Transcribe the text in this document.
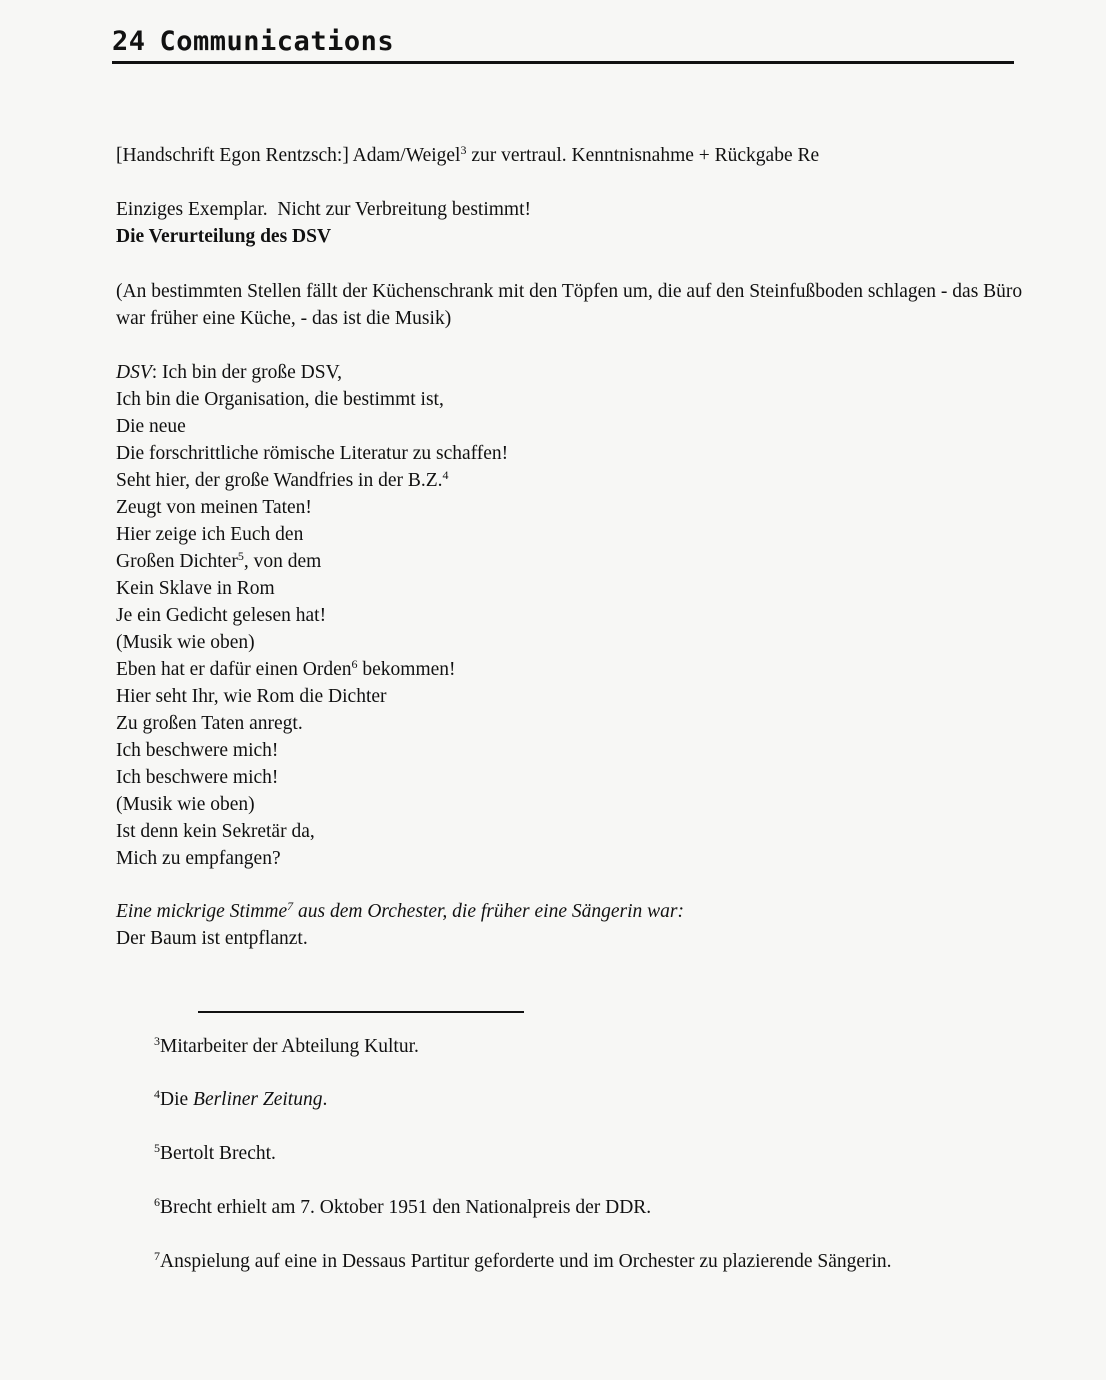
24 Communications
[Handschrift Egon Rentzsch:] Adam/Weigel$^3$ zur vertraul. Kenntnisnahme + Rückgabe Re
Einziges Exemplar.  Nicht zur Verbreitung bestimmt!
Die Verurteilung des DSV
(An bestimmten Stellen fällt der Küchenschrank mit den Töpfen um, die auf den Steinfußboden schlagen - das Büro war früher eine Küche, - das ist die Musik)
DSV: Ich bin der große DSV,
Ich bin die Organisation, die bestimmt ist,
Die neue
Die forschrittliche römische Literatur zu schaffen!
Seht hier, der große Wandfries in der B.Z.$^4$
Zeugt von meinen Taten!
Hier zeige ich Euch den
Großen Dichter$^5$, von dem
Kein Sklave in Rom
Je ein Gedicht gelesen hat!
(Musik wie oben)
Eben hat er dafür einen Orden$^6$ bekommen!
Hier seht Ihr, wie Rom die Dichter
Zu großen Taten anregt.
Ich beschwere mich!
Ich beschwere mich!
(Musik wie oben)
Ist denn kein Sekretär da,
Mich zu empfangen?
Eine mickrige Stimme$^7$ aus dem Orchester, die früher eine Sängerin war:
Der Baum ist entpflanzt.
$^3$Mitarbeiter der Abteilung Kultur.
$^4$Die Berliner Zeitung.
$^5$Bertolt Brecht.
$^6$Brecht erhielt am 7. Oktober 1951 den Nationalpreis der DDR.
$^7$Anspielung auf eine in Dessaus Partitur geforderte und im Orchester zu plazierende Sängerin.
